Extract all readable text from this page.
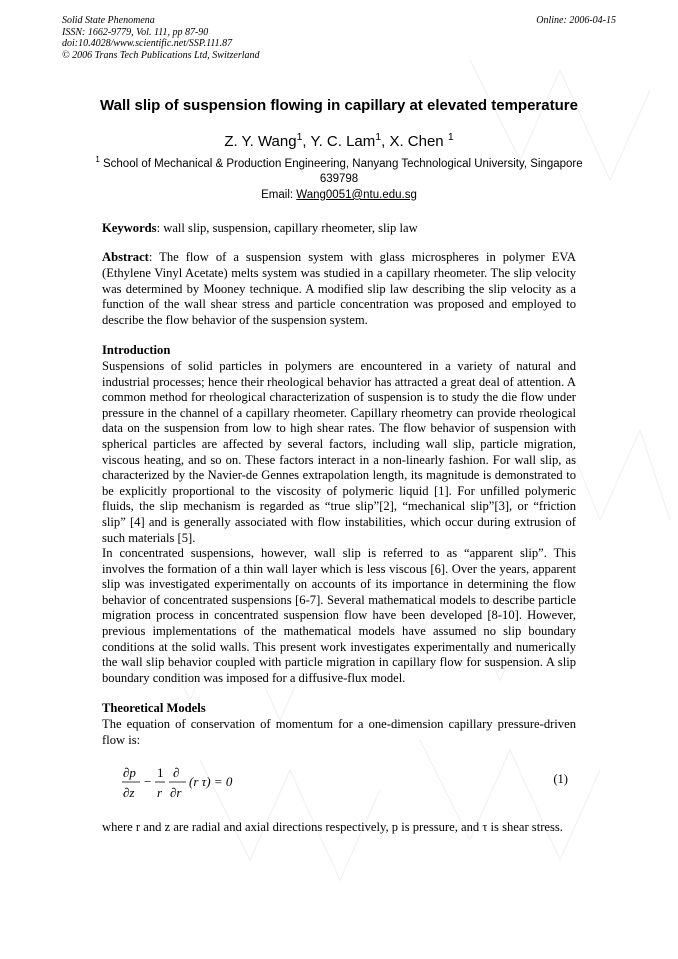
Solid State Phenomena
ISSN: 1662-9779, Vol. 111, pp 87-90
doi:10.4028/www.scientific.net/SSP.111.87
© 2006 Trans Tech Publications Ltd, Switzerland
Online: 2006-04-15
Wall slip of suspension flowing in capillary at elevated temperature
Z. Y. Wang$^1$, Y. C. Lam$^1$, X. Chen $^1$
$^1$ School of Mechanical & Production Engineering, Nanyang Technological University, Singapore 639798
Email: Wang0051@ntu.edu.sg

Keywords: wall slip, suspension, capillary rheometer, slip law

Abstract: The flow of a suspension system with glass microspheres in polymer EVA (Ethylene Vinyl Acetate) melts system was studied in a capillary rheometer. The slip velocity was determined by Mooney technique. A modified slip law describing the slip velocity as a function of the wall shear stress and particle concentration was proposed and employed to describe the flow behavior of the suspension system.

Introduction

Suspensions of solid particles in polymers are encountered in a variety of natural and industrial processes; hence their rheological behavior has attracted a great deal of attention. A common method for rheological characterization of suspension is to study the die flow under pressure in the channel of a capillary rheometer. Capillary rheometry can provide rheological data on the suspension from low to high shear rates. The flow behavior of suspension with spherical particles are affected by several factors, including wall slip, particle migration, viscous heating, and so on. These factors interact in a non-linearly fashion. For wall slip, as characterized by the Navier-de Gennes extrapolation length, its magnitude is demonstrated to be explicitly proportional to the viscosity of polymeric liquid [1]. For unfilled polymeric fluids, the slip mechanism is regarded as “true slip”[2], “mechanical slip”[3], or “friction slip” [4] and is generally associated with flow instabilities, which occur during extrusion of such materials [5].

In concentrated suspensions, however, wall slip is referred to as “apparent slip”. This involves the formation of a thin wall layer which is less viscous [6]. Over the years, apparent slip was investigated experimentally on accounts of its importance in determining the flow behavior of concentrated suspensions [6-7]. Several mathematical models to describe particle migration process in concentrated suspension flow have been developed [8-10]. However, previous implementations of the mathematical models have assumed no slip boundary conditions at the solid walls. This present work investigates experimentally and numerically the wall slip behavior coupled with particle migration in capillary flow for suspension. A slip boundary condition was imposed for a diffusive-flux model.

Theoretical Models

The equation of conservation of momentum for a one-dimension capillary pressure-driven flow is:

∂p
∂z
−
1
r
∂
∂r
(r τ) = 0	(1)

where r and z are radial and axial directions respectively, p is pressure, and τ is shear stress.
